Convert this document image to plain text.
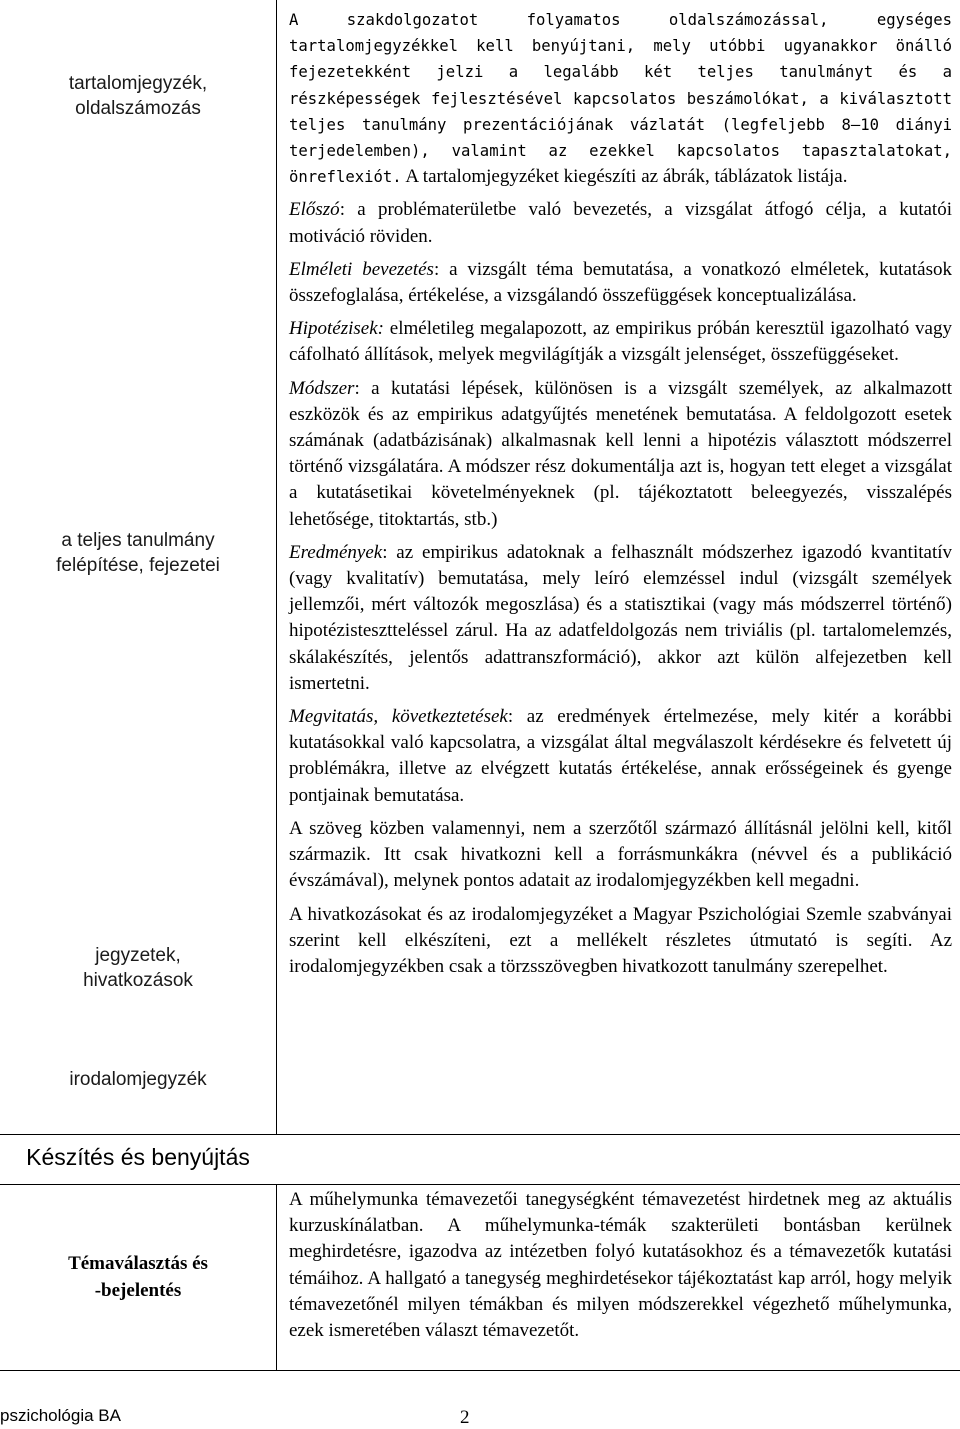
tartalomjegyzék,
oldalszámozás
a teljes tanulmány
felépítése, fejezetei
jegyzetek,
hivatkozások
irodalomjegyzék
Készítés és benyújtás
Témaválasztás és
-bejelentés

A szakdolgozatot folyamatos oldalszámozással, egységes tartalomjegyzékkel kell benyújtani, mely utóbbi ugyanakkor önálló fejezetekként jelzi a legalább két teljes tanulmányt és a részképességek fejlesztésével kapcsolatos beszámolókat, a kiválasztott teljes tanulmány prezentációjának vázlatát (legfeljebb 8–10 diányi terjedelemben), valamint az ezekkel kapcsolatos tapasztalatokat, önreflexiót. A tartalomjegyzéket kiegészíti az ábrák, táblázatok listája.

Előszó: a problématerületbe való bevezetés, a vizsgálat átfogó célja, a kutatói motiváció röviden.

Elméleti bevezetés: a vizsgált téma bemutatása, a vonatkozó elméletek, kutatások összefoglalása, értékelése, a vizsgálandó összefüggések konceptualizálása.

Hipotézisek: elméletileg megalapozott, az empirikus próbán keresztül igazolható vagy cáfolható állítások, melyek megvilágítják a vizsgált jelenséget, összefüggéseket.

Módszer: a kutatási lépések, különösen is a vizsgált személyek, az alkalmazott eszközök és az empirikus adatgyűjtés menetének bemutatása. A feldolgozott esetek számának (adatbázisának) alkalmasnak kell lenni a hipotézis választott módszerrel történő vizsgálatára. A módszer rész dokumentálja azt is, hogyan tett eleget a vizsgálat a kutatásetikai követelményeknek (pl. tájékoztatott beleegyezés, visszalépés lehetősége, titoktartás, stb.)

Eredmények: az empirikus adatoknak a felhasznált módszerhez igazodó kvantitatív (vagy kvalitatív) bemutatása, mely leíró elemzéssel indul (vizsgált személyek jellemzői, mért változók megoszlása) és a statisztikai (vagy más módszerrel történő) hipotézistesztteléssel zárul. Ha az adatfeldolgozás nem triviális (pl. tartalomelemzés, skálakészítés, jelentős adattranszformáció), akkor azt külön alfejezetben kell ismertetni.

Megvitatás, következtetések: az eredmények értelmezése, mely kitér a korábbi kutatásokkal való kapcsolatra, a vizsgálat által megválaszolt kérdésekre és felvetett új problémákra, illetve az elvégzett kutatás értékelése, annak erősségeinek és gyenge pontjainak bemutatása.

A szöveg közben valamennyi, nem a szerzőtől származó állításnál jelölni kell, kitől származik. Itt csak hivatkozni kell a forrásmunkákra (névvel és a publikáció évszámával), melynek pontos adatait az irodalomjegyzékben kell megadni.

A hivatkozásokat és az irodalomjegyzéket a Magyar Pszichológiai Szemle szabványai szerint kell elkészíteni, ezt a mellékelt részletes útmutató is segíti. Az irodalomjegyzékben csak a törzsszövegben hivatkozott tanulmány szerepelhet.

A műhelymunka témavezetői tanegységként témavezetést hirdetnek meg az aktuális kurzuskínálatban. A műhelymunka-témák szakterületi bontásban kerülnek meghirdetésre, igazodva az intézetben folyó kutatásokhoz és a témavezetők kutatási témáihoz. A hallgató a tanegység meghirdetésekor tájékoztatást kap arról, hogy melyik témavezetőnél milyen témákban és milyen módszerekkel végezhető műhelymunka, ezek ismeretében választ témavezetőt.

pszichológia BA	2
